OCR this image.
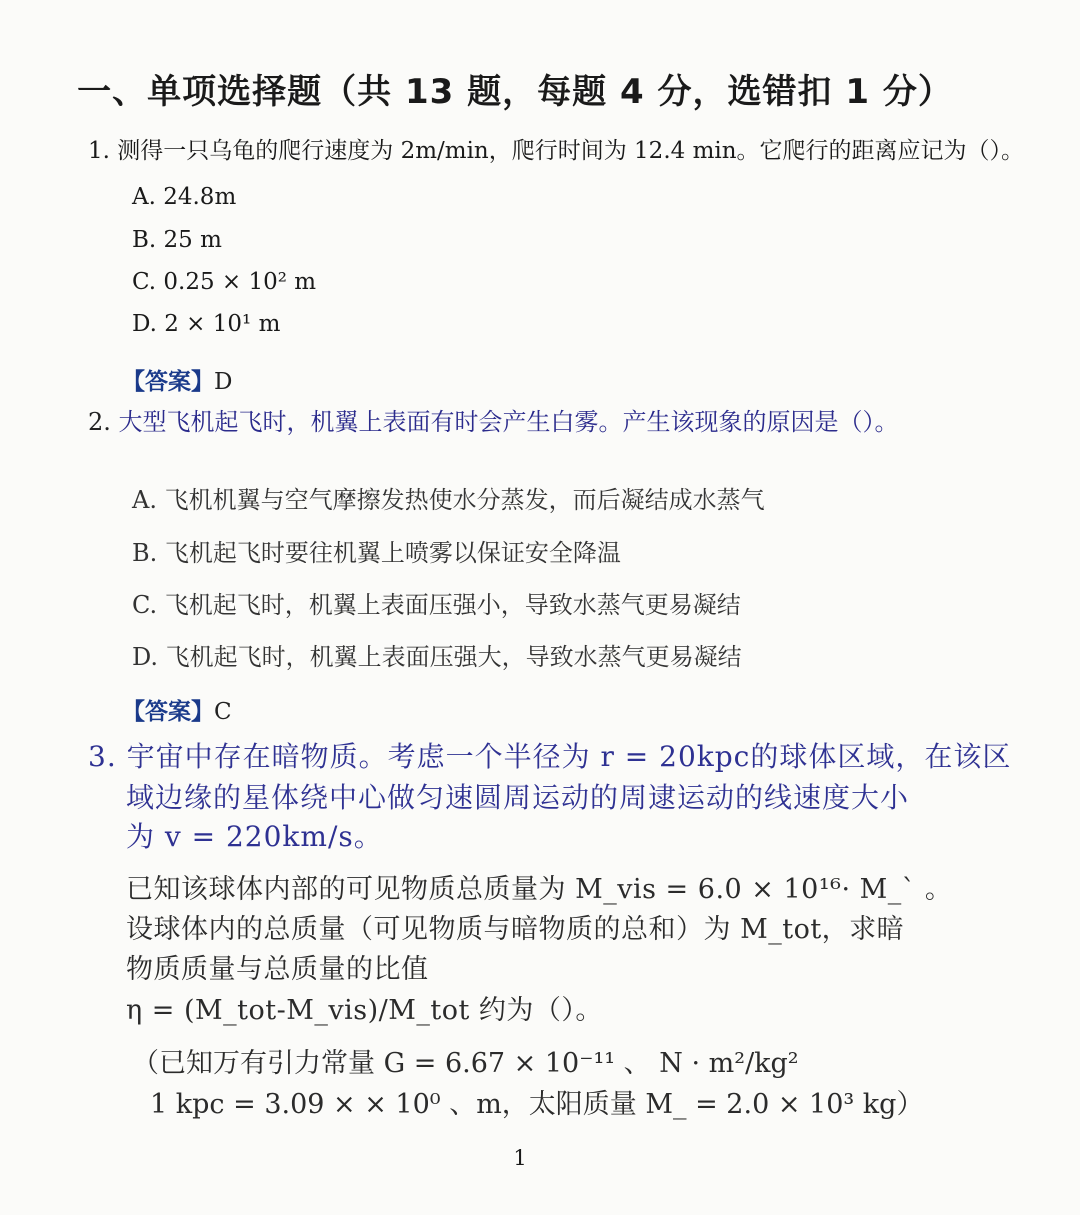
一、单项选择题（共 13 题，每题 4 分，选错扣 1 分）
1. 测得一只乌龟的爬行速度为 2m/min，爬行时间为 12.4 min。它爬行的距离应记为（）。
A. 24.8m
B. 25 m
C. 0.25 × 10² m
D. 2 × 10¹ m
【答案】D
2. 大型飞机起飞时，机翼上表面有时会产生白雾。产生该现象的原因是（）。
A. 飞机机翼与空气摩擦发热使水分蒸发，而后凝结成水蒸气
B. 飞机起飞时要往机翼上喷雾以保证安全降温
C. 飞机起飞时，机翼上表面压强小，导致水蒸气更易凝结
D. 飞机起飞时，机翼上表面压强大，导致水蒸气更易凝结
【答案】C
3. 宇宙中存在暗物质。考虑一个半径为 r = 20kpc的球体区域，在该区
域边缘的星体绕中心做匀速圆周运动的周逮运动的线速度大小
为 v = 220km/s。
已知该球体内部的可见物质总质量为 M_vis = 6.0 × 10¹⁶· M_` 。
设球体内的总质量（可见物质与暗物质的总和）为 M_tot，求暗
物质质量与总质量的比值
η = (M_tot-M_vis)/M_tot 约为（）。
（已知万有引力常量 G = 6.67 × 10⁻¹¹ 、 N · m²/kg²
1 kpc = 3.09 × × 10⁰ 、m，太阳质量 M_ = 2.0 × 10³ kg）
1
